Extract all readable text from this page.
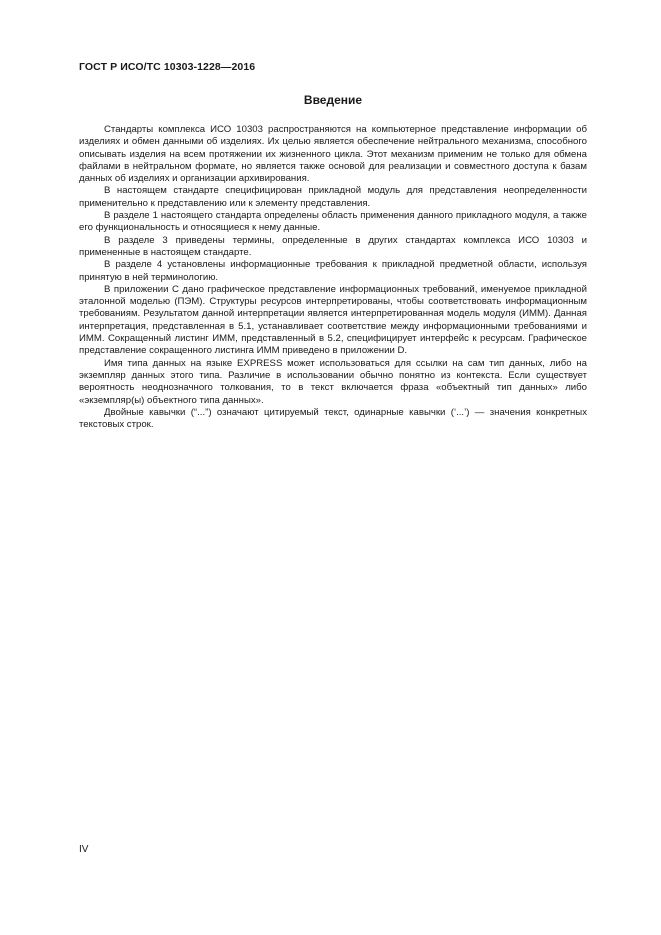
ГОСТ Р ИСО/ТС 10303-1228—2016
Введение

Стандарты комплекса ИСО 10303 распространяются на компьютерное представление информации об изделиях и обмен данными об изделиях. Их целью является обеспечение нейтрального механизма, способного описывать изделия на всем протяжении их жизненного цикла. Этот механизм применим не только для обмена файлами в нейтральном формате, но является также основой для реализации и совместного доступа к базам данных об изделиях и организации архивирования.

В настоящем стандарте специфицирован прикладной модуль для представления неопределенности применительно к представлению или к элементу представления.

В разделе 1 настоящего стандарта определены область применения данного прикладного модуля, а также его функциональность и относящиеся к нему данные.

В разделе 3 приведены термины, определенные в других стандартах комплекса ИСО 10303 и примененные в настоящем стандарте.

В разделе 4 установлены информационные требования к прикладной предметной области, используя принятую в ней терминологию.

В приложении С дано графическое представление информационных требований, именуемое прикладной эталонной моделью (ПЭМ). Структуры ресурсов интерпретированы, чтобы соответствовать информационным требованиям. Результатом данной интерпретации является интерпретированная модель модуля (ИММ). Данная интерпретация, представленная в 5.1, устанавливает соответствие между информационными требованиями и ИММ. Сокращенный листинг ИММ, представленный в 5.2, специфицирует интерфейс к ресурсам. Графическое представление сокращенного листинга ИММ приведено в приложении D.

Имя типа данных на языке EXPRESS может использоваться для ссылки на сам тип данных, либо на экземпляр данных этого типа. Различие в использовании обычно понятно из контекста. Если существует вероятность неоднозначного толкования, то в текст включается фраза «объектный тип данных» либо «экземпляр(ы) объектного типа данных».

Двойные кавычки (“...”) означают цитируемый текст, одинарные кавычки (‘...’) — значения конкретных текстовых строк.

IV
